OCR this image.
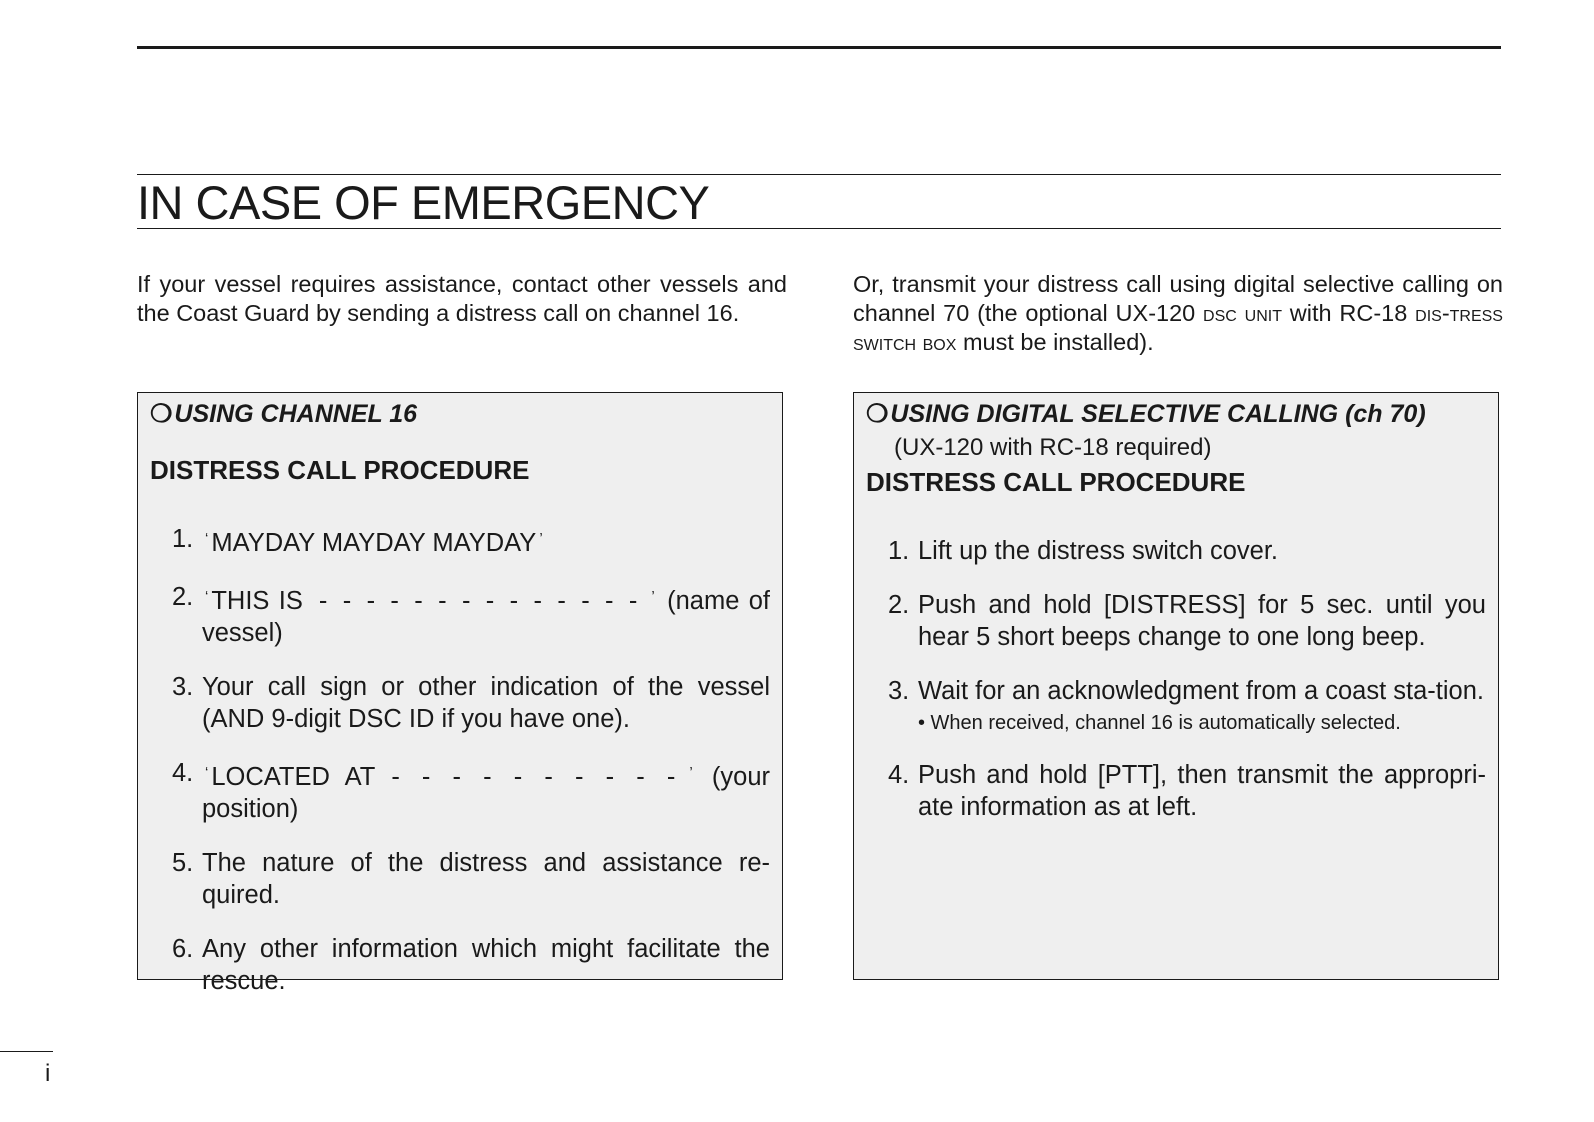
IN CASE OF EMERGENCY

If your vessel requires assistance, contact other vessels and the Coast Guard by sending a distress call on channel 16.

Or, transmit your distress call using digital selective calling on channel 70 (the optional UX-120 dsc unit with RC-18 dis-tress switch box must be installed).

❍USING CHANNEL 16

DISTRESS CALL PROCEDURE

1. ‘ MAYDAY MAYDAY MAYDAY ’
2. ‘ THIS IS - - - - - - - - - - - - - - ’ (name of vessel)
3. Your call sign or other indication of the vessel (AND 9-digit DSC ID if you have one).
4. ‘ LOCATED AT - - - - - - - - - - ’ (your position)
5. The nature of the distress and assistance re-quired.
6. Any other information which might facilitate the rescue.

❍USING DIGITAL SELECTIVE CALLING (ch 70)

(UX-120 with RC-18 required)

DISTRESS CALL PROCEDURE

1. Lift up the distress switch cover.
2. Push and hold [DISTRESS] for 5 sec. until you hear 5 short beeps change to one long beep.
3. Wait for an acknowledgment from a coast sta-tion.
• When received, channel 16 is automatically selected.
4. Push and hold [PTT], then transmit the appropri-ate information as at left.
i
